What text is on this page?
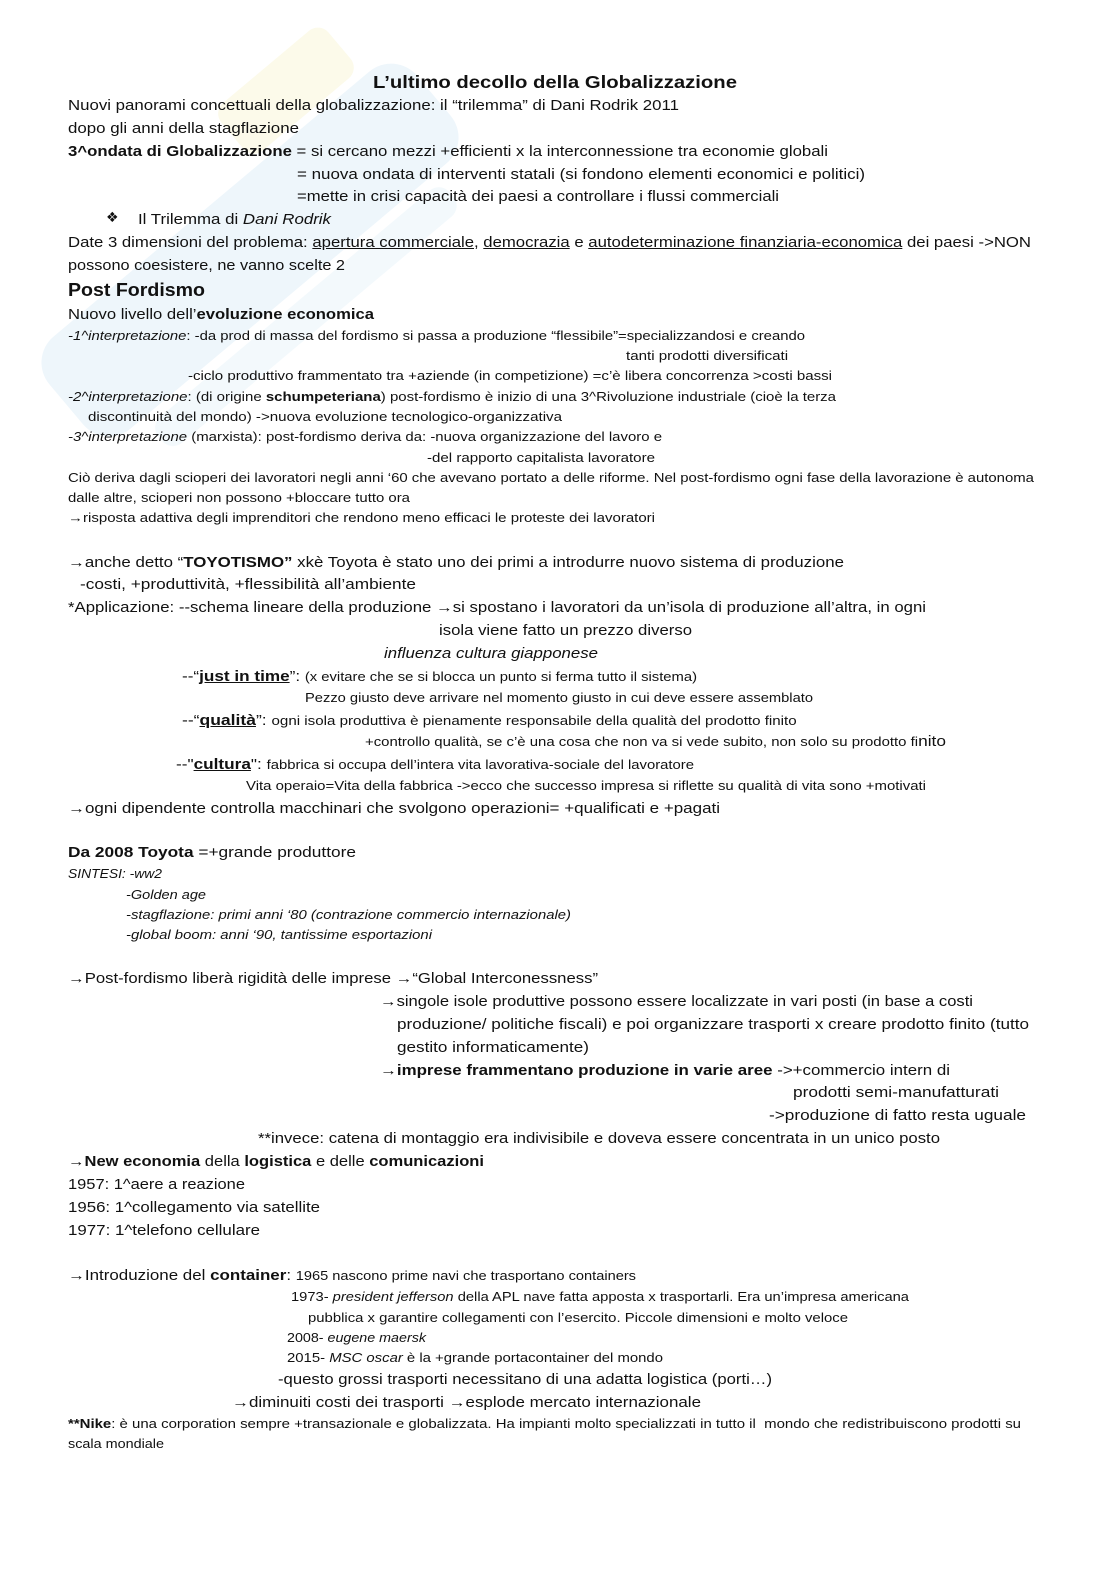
L’ultimo decollo della Globalizzazione
Nuovi panorami concettuali della globalizzazione: il “trilemma” di Dani Rodrik 2011
dopo gli anni della stagflazione
3^ondata di Globalizzazione = si cercano mezzi +efficienti x la interconnessione tra economie globali
= nuova ondata di interventi statali (si fondono elementi economici e politici)
=mette in crisi capacità dei paesi a controllare i flussi commerciali
❖ Il Trilemma di Dani Rodrik
Date 3 dimensioni del problema: apertura commerciale, democrazia e autodeterminazione finanziaria-economica dei paesi ->NON
possono coesistere, ne vanno scelte 2
Post Fordismo
Nuovo livello dell’evoluzione economica
-1^interpretazione: -da prod di massa del fordismo si passa a produzione “flessibile”=specializzandosi e creando
tanti prodotti diversificati
-ciclo produttivo frammentato tra +aziende (in competizione) =c’è libera concorrenza >costi bassi
-2^interpretazione: (di origine schumpeteriana) post-fordismo è inizio di una 3^Rivoluzione industriale (cioè la terza
discontinuità del mondo) ->nuova evoluzione tecnologico-organizzativa
-3^interpretazione (marxista): post-fordismo deriva da: -nuova organizzazione del lavoro e
-del rapporto capitalista lavoratore
Ciò deriva dagli scioperi dei lavoratori negli anni ‘60 che avevano portato a delle riforme. Nel post-fordismo ogni fase della lavorazione è autonoma
dalle altre, scioperi non possono +bloccare tutto ora
→risposta adattiva degli imprenditori che rendono meno efficaci le proteste dei lavoratori
→anche detto “TOYOTISMO” xkè Toyota è stato uno dei primi a introdurre nuovo sistema di produzione
-costi, +produttività, +flessibilità all’ambiente
*Applicazione: --schema lineare della produzione →si spostano i lavoratori da un’isola di produzione all’altra, in ogni
isola viene fatto un prezzo diverso
influenza cultura giapponese
--“just in time”: (x evitare che se si blocca un punto si ferma tutto il sistema)
Pezzo giusto deve arrivare nel momento giusto in cui deve essere assemblato
--“qualità”: ogni isola produttiva è pienamente responsabile della qualità del prodotto finito
+controllo qualità, se c’è una cosa che non va si vede subito, non solo su prodotto finito
--"cultura": fabbrica si occupa dell’intera vita lavorativa-sociale del lavoratore
Vita operaio=Vita della fabbrica ->ecco che successo impresa si riflette su qualità di vita sono +motivati
→ogni dipendente controlla macchinari che svolgono operazioni= +qualificati e +pagati
Da 2008 Toyota =+grande produttore
SINTESI: -ww2
-Golden age
-stagflazione: primi anni ‘80 (contrazione commercio internazionale)
-global boom: anni ‘90, tantissime esportazioni
→Post-fordismo liberà rigidità delle imprese →“Global Interconessness”
→singole isole produttive possono essere localizzate in vari posti (in base a costi
produzione/ politiche fiscali) e poi organizzare trasporti x creare prodotto finito (tutto
gestito informaticamente)
→imprese frammentano produzione in varie aree ->+commercio intern di
prodotti semi-manufatturati
->produzione di fatto resta uguale
**invece: catena di montaggio era indivisibile e doveva essere concentrata in un unico posto
→New economia della logistica e delle comunicazioni
1957: 1^aere a reazione
1956: 1^collegamento via satellite
1977: 1^telefono cellulare
→Introduzione del container: 1965 nascono prime navi che trasportano containers
1973- president jefferson della APL nave fatta apposta x trasportarli. Era un’impresa americana
pubblica x garantire collegamenti con l’esercito. Piccole dimensioni e molto veloce
2008- eugene maersk
2015- MSC oscar è la +grande portacontainer del mondo
-questo grossi trasporti necessitano di una adatta logistica (porti…)
→diminuiti costi dei trasporti →esplode mercato internazionale
**Nike: è una corporation sempre +transazionale e globalizzata. Ha impianti molto specializzati in tutto il  mondo che redistribuiscono prodotti su
scala mondiale
